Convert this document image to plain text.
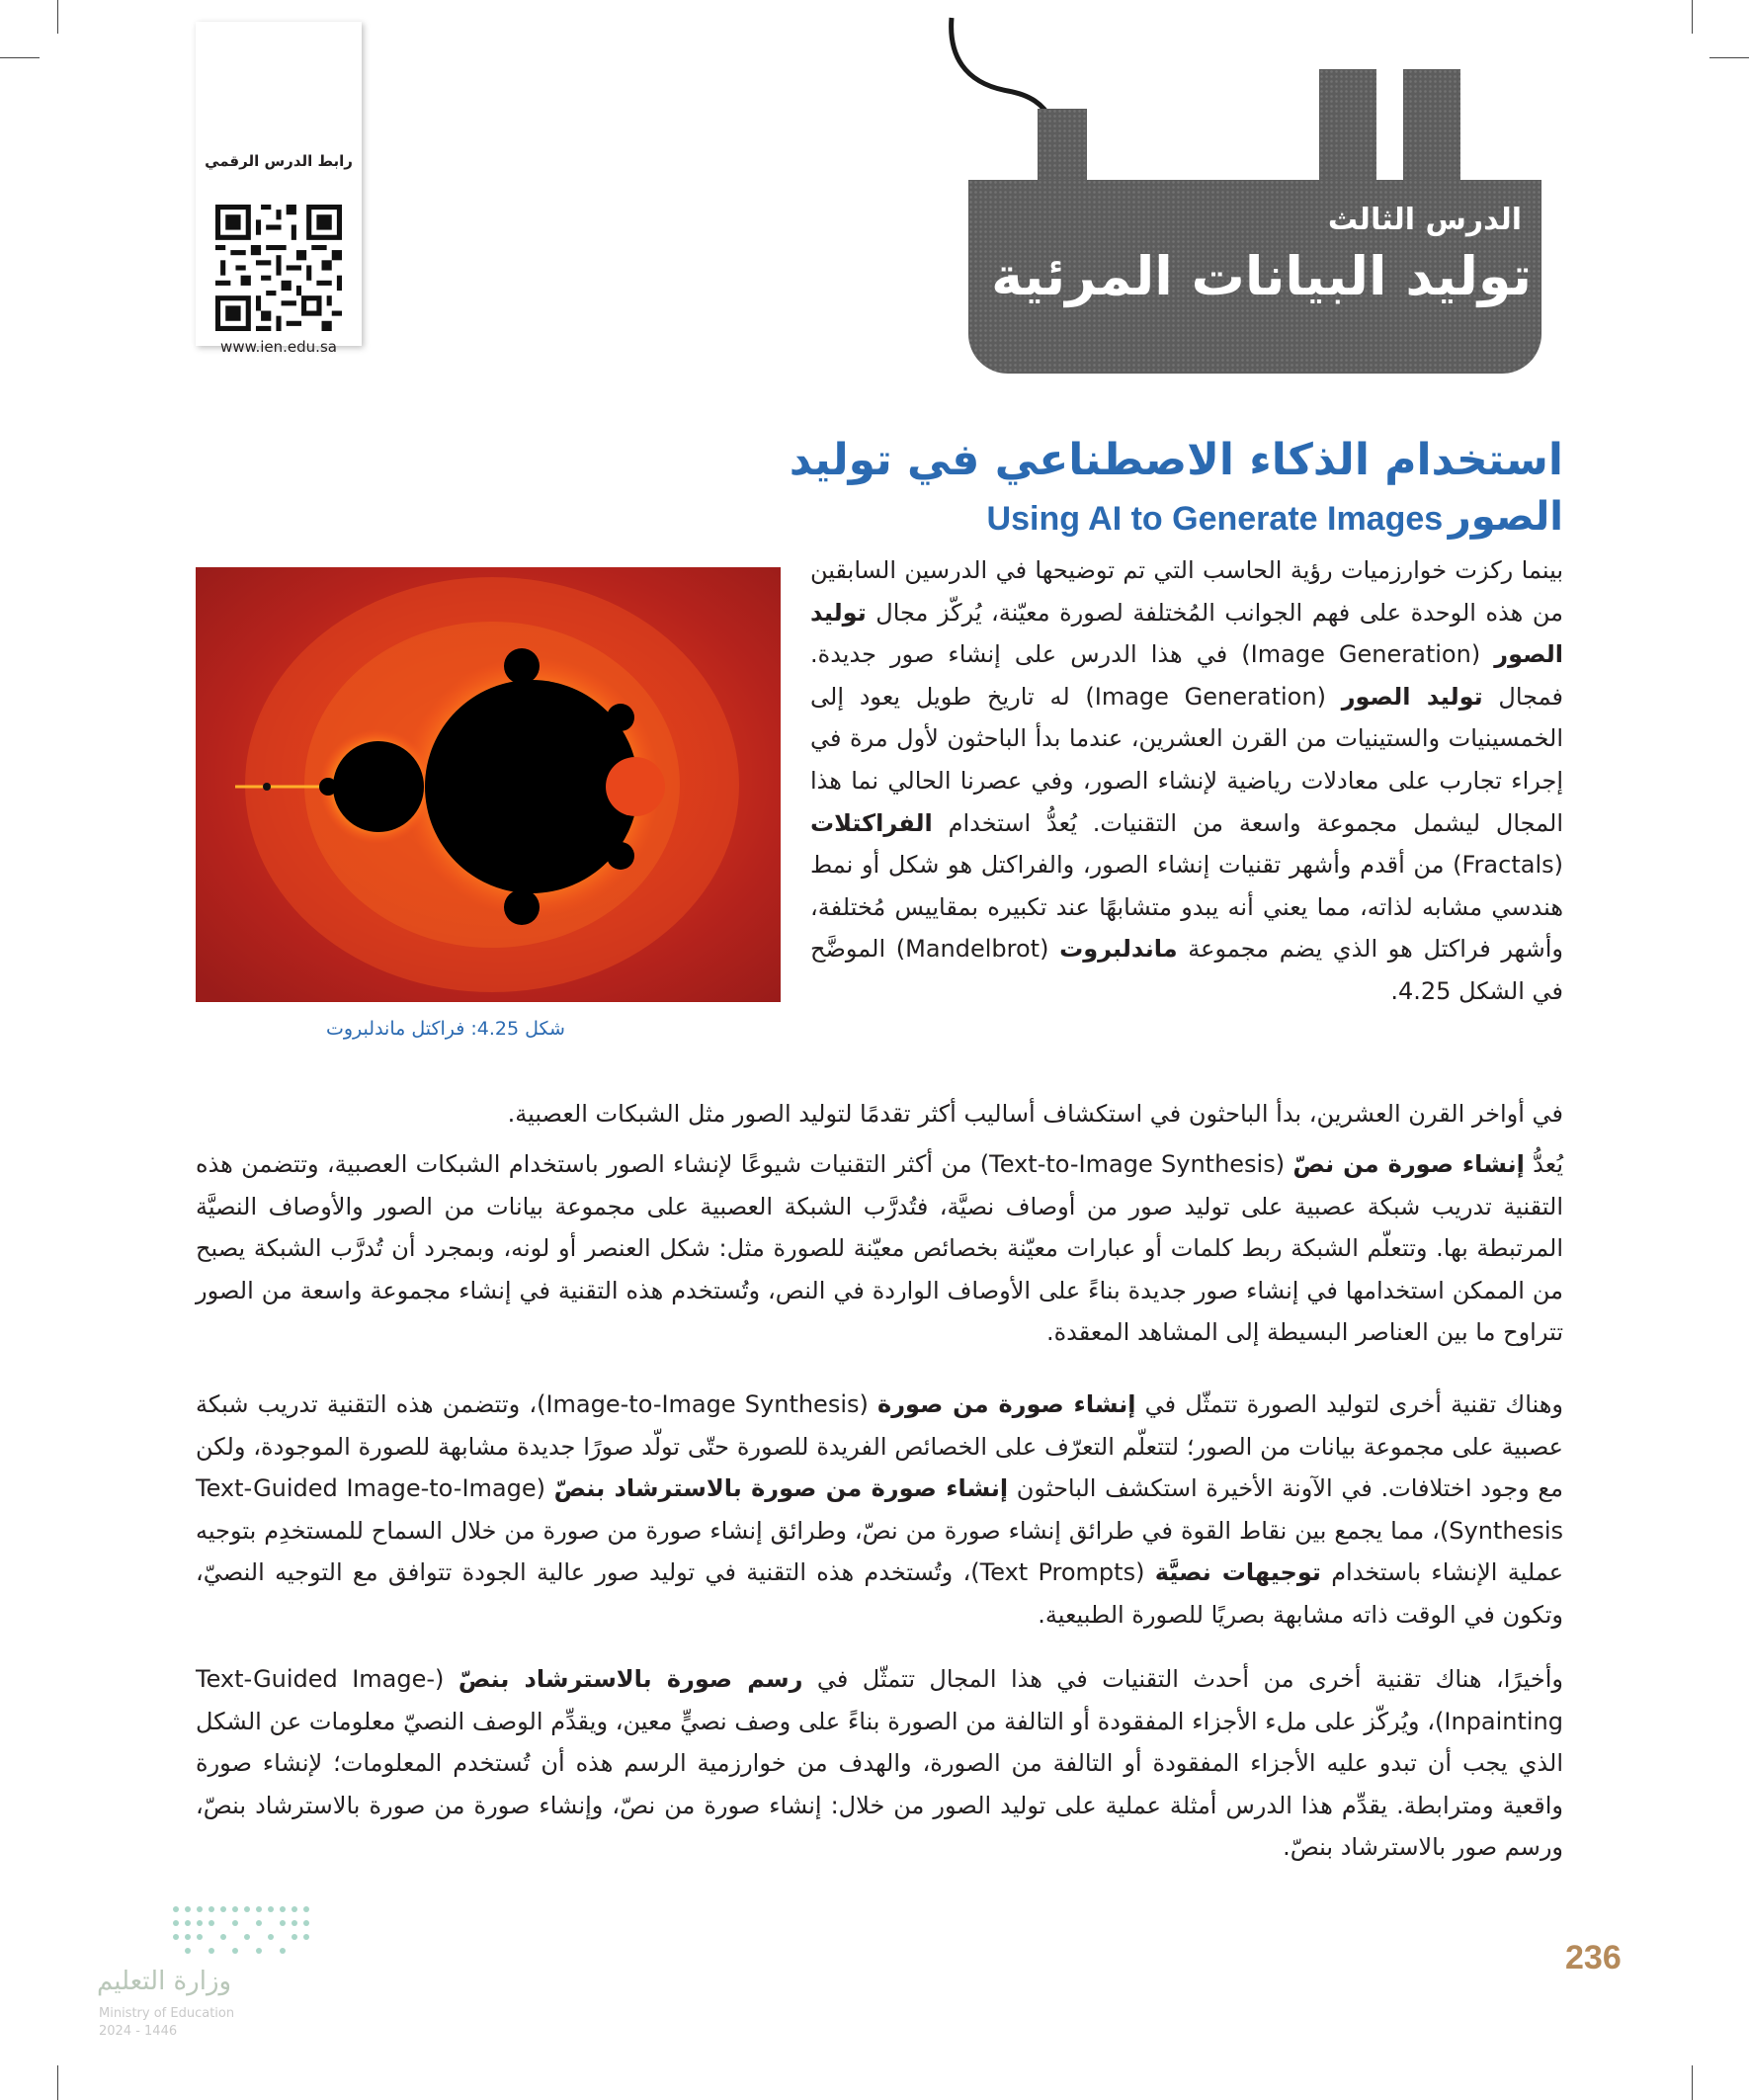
رابط الدرس الرقمي
www.ien.edu.sa
الدرس الثالث
توليد البيانات المرئية
استخدام الذكاء الاصطناعي في توليد
الصور Using AI to Generate Images
بينما ركزت خوارزميات رؤية الحاسب التي تم توضيحها في الدرسين السابقين من هذه الوحدة على فهم الجوانب المُختلفة لصورة معيّنة، يُركّز مجال توليد الصور (Image Generation) في هذا الدرس على إنشاء صور جديدة. فمجال توليد الصور (Image Generation) له تاريخ طويل يعود إلى الخمسينيات والستينيات من القرن العشرين، عندما بدأ الباحثون لأول مرة في إجراء تجارب على معادلات رياضية لإنشاء الصور، وفي عصرنا الحالي نما هذا المجال ليشمل مجموعة واسعة من التقنيات. يُعدُّ استخدام الفراكتلات (Fractals) من أقدم وأشهر تقنيات إنشاء الصور، والفراكتل هو شكل أو نمط هندسي مشابه لذاته، مما يعني أنه يبدو متشابهًا عند تكبيره بمقاييس مُختلفة، وأشهر فراكتل هو الذي يضم مجموعة ماندلبروت (Mandelbrot) الموضَّح في الشكل 4.25.
شكل 4.25: فراكتل ماندلبروت
في أواخر القرن العشرين، بدأ الباحثون في استكشاف أساليب أكثر تقدمًا لتوليد الصور مثل الشبكات العصبية.
يُعدُّ إنشاء صورة من نصّ (Text-to-Image Synthesis) من أكثر التقنيات شيوعًا لإنشاء الصور باستخدام الشبكات العصبية، وتتضمن هذه التقنية تدريب شبكة عصبية على توليد صور من أوصاف نصيَّة، فتُدرَّب الشبكة العصبية على مجموعة بيانات من الصور والأوصاف النصيَّة المرتبطة بها. وتتعلّم الشبكة ربط كلمات أو عبارات معيّنة بخصائص معيّنة للصورة مثل: شكل العنصر أو لونه، وبمجرد أن تُدرَّب الشبكة يصبح من الممكن استخدامها في إنشاء صور جديدة بناءً على الأوصاف الواردة في النص، وتُستخدم هذه التقنية في إنشاء مجموعة واسعة من الصور تتراوح ما بين العناصر البسيطة إلى المشاهد المعقدة.
وهناك تقنية أخرى لتوليد الصورة تتمثّل في إنشاء صورة من صورة (Image-to-Image Synthesis)، وتتضمن هذه التقنية تدريب شبكة عصبية على مجموعة بيانات من الصور؛ لتتعلّم التعرّف على الخصائص الفريدة للصورة حتّى تولّد صورًا جديدة مشابهة للصورة الموجودة، ولكن مع وجود اختلافات. في الآونة الأخيرة استكشف الباحثون إنشاء صورة من صورة بالاسترشاد بنصّ (Text-Guided Image-to-Image Synthesis)، مما يجمع بين نقاط القوة في طرائق إنشاء صورة من نصّ، وطرائق إنشاء صورة من صورة من خلال السماح للمستخدِم بتوجيه عملية الإنشاء باستخدام توجيهات نصيَّة (Text Prompts)، وتُستخدم هذه التقنية في توليد صور عالية الجودة تتوافق مع التوجيه النصيّ، وتكون في الوقت ذاته مشابهة بصريًا للصورة الطبيعية.
وأخيرًا، هناك تقنية أخرى من أحدث التقنيات في هذا المجال تتمثّل في رسم صورة بالاسترشاد بنصّ (Text-Guided Image-Inpainting)، ويُركّز على ملء الأجزاء المفقودة أو التالفة من الصورة بناءً على وصف نصيٍّ معين، ويقدِّم الوصف النصيّ معلومات عن الشكل الذي يجب أن تبدو عليه الأجزاء المفقودة أو التالفة من الصورة، والهدف من خوارزمية الرسم هذه أن تُستخدم المعلومات؛ لإنشاء صورة واقعية ومترابطة. يقدِّم هذا الدرس أمثلة عملية على توليد الصور من خلال: إنشاء صورة من نصّ، وإنشاء صورة من صورة بالاسترشاد بنصّ، ورسم صور بالاسترشاد بنصّ.
وزارة التعليم
Ministry of Education
2024 - 1446
236
